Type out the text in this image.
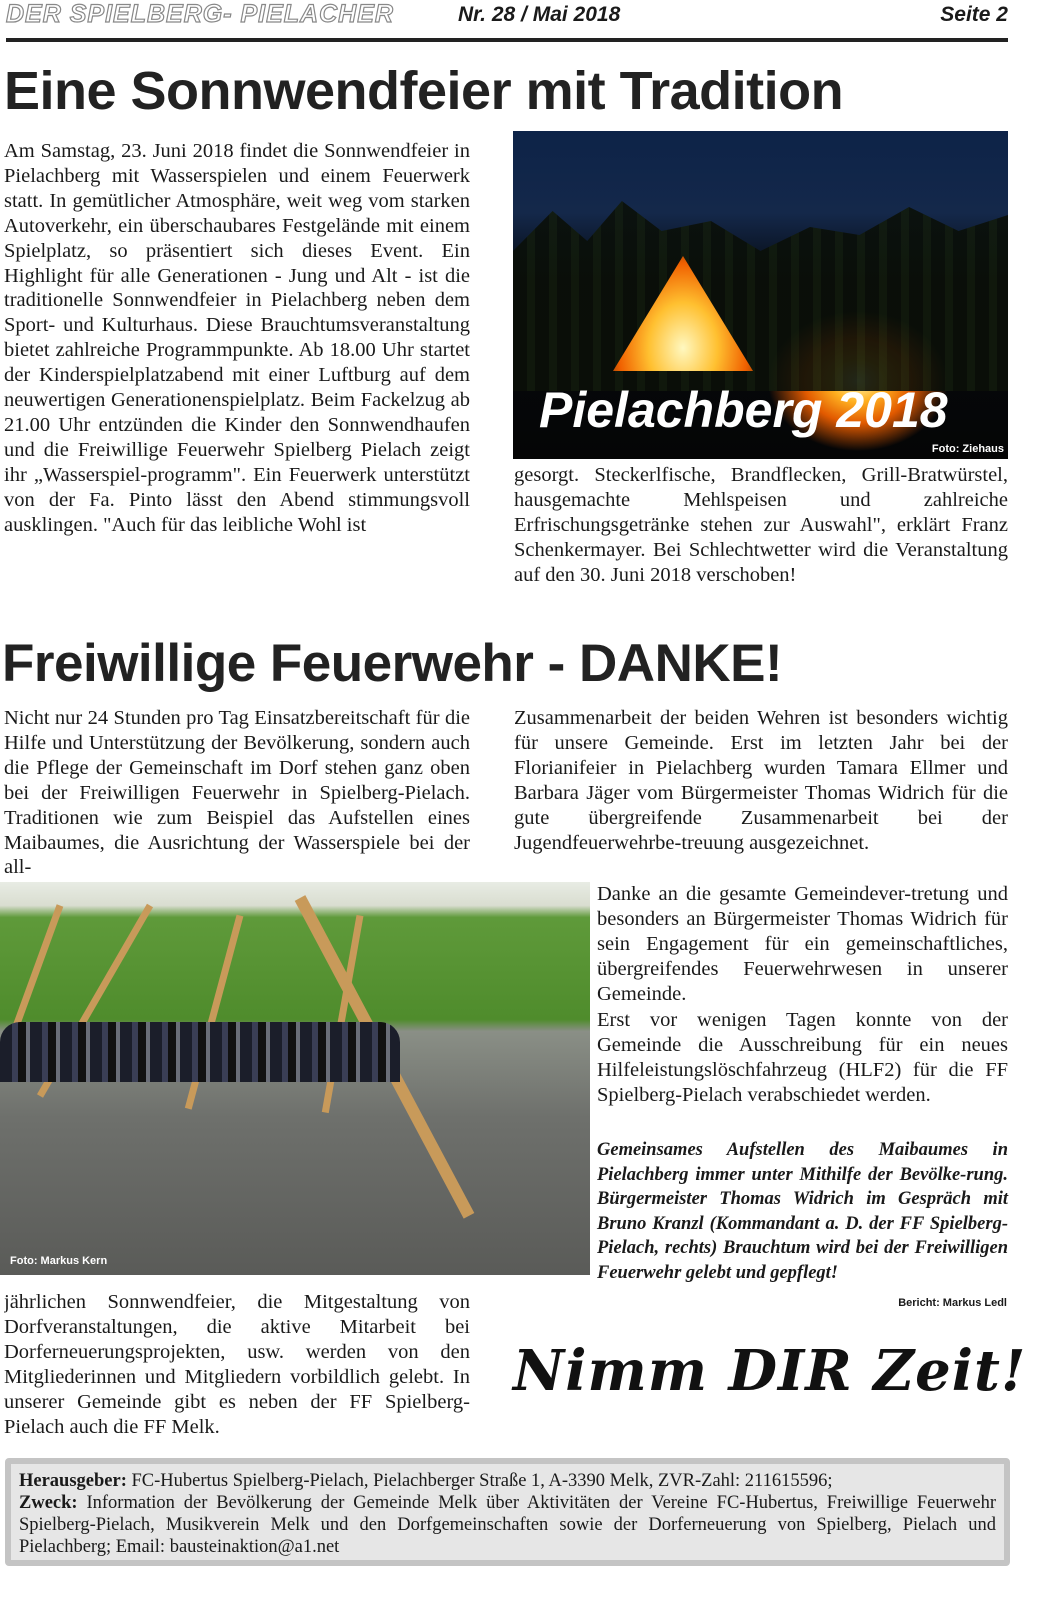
DER SPIELBERG- PIELACHER	Nr. 28 / Mai 2018	Seite 2
Eine Sonnwendfeier mit Tradition
Am Samstag, 23. Juni 2018 findet die Sonnwendfeier in Pielachberg mit Wasserspielen und einem Feuerwerk statt. In gemütlicher Atmosphäre, weit weg vom starken Autoverkehr, ein überschaubares Festgelände mit einem Spielplatz, so präsentiert sich dieses Event. Ein Highlight für alle Generationen - Jung und Alt - ist die traditionelle Sonnwendfeier in Pielachberg neben dem Sport- und Kulturhaus. Diese Brauchtumsveranstaltung bietet zahlreiche Programmpunkte. Ab 18.00 Uhr startet der Kinderspielplatzabend mit einer Luftburg auf dem neuwertigen Generationenspielplatz. Beim Fackelzug ab 21.00 Uhr entzünden die Kinder den Sonnwendhaufen und die Freiwillige Feuerwehr Spielberg Pielach zeigt ihr „Wasserspiel-programm". Ein Feuerwerk unterstützt von der Fa. Pinto lässt den Abend stimmungsvoll ausklingen. "Auch für das leibliche Wohl ist
Pielachberg 2018
Foto: Ziehaus
gesorgt. Steckerlfische, Brandflecken, Grill-Bratwürstel, hausgemachte Mehlspeisen und zahlreiche Erfrischungsgetränke stehen zur Auswahl", erklärt Franz Schenkermayer. Bei Schlechtwetter wird die Veranstaltung auf den 30. Juni 2018 verschoben!
Freiwillige Feuerwehr - DANKE!
Nicht nur 24 Stunden pro Tag Einsatzbereitschaft für die Hilfe und Unterstützung der Bevölkerung, sondern auch die Pflege der Gemeinschaft im Dorf stehen ganz oben bei der Freiwilligen Feuerwehr in Spielberg-Pielach. Traditionen wie zum Beispiel das Aufstellen eines Maibaumes, die Ausrichtung der Wasserspiele bei der all-
Zusammenarbeit der beiden Wehren ist besonders wichtig für unsere Gemeinde. Erst im letzten Jahr bei der Florianifeier in Pielachberg wurden Tamara Ellmer und Barbara Jäger vom Bürgermeister Thomas Widrich für die gute übergreifende Zusammenarbeit bei der Jugendfeuerwehrbe-treuung ausgezeichnet.
Foto: Markus Kern
Danke an die gesamte Gemeindever-tretung und besonders an Bürgermeister Thomas Widrich für sein Engagement für ein gemeinschaftliches, übergreifendes Feuerwehrwesen in unserer Gemeinde.
Erst vor wenigen Tagen konnte von der Gemeinde die Ausschreibung für ein neues Hilfeleistungslöschfahrzeug (HLF2) für die FF Spielberg-Pielach verabschiedet werden.
Gemeinsames Aufstellen des Maibaumes in Pielachberg immer unter Mithilfe der Bevölke-rung. Bürgermeister Thomas Widrich im Gespräch mit Bruno Kranzl (Kommandant a. D. der FF Spielberg-Pielach, rechts) Brauchtum wird bei der Freiwilligen Feuerwehr gelebt und gepflegt!
Bericht: Markus Ledl
jährlichen Sonnwendfeier, die Mitgestaltung von Dorfveranstaltungen, die aktive Mitarbeit bei Dorferneuerungsprojekten, usw. werden von den Mitgliederinnen und Mitgliedern vorbildlich gelebt. In unserer Gemeinde gibt es neben der FF Spielberg-Pielach auch die FF Melk.
Nimm DIR Zeit!
Herausgeber: FC-Hubertus Spielberg-Pielach, Pielachberger Straße 1, A-3390 Melk, ZVR-Zahl: 211615596;
Zweck: Information der Bevölkerung der Gemeinde Melk über Aktivitäten der Vereine FC-Hubertus, Freiwillige Feuerwehr Spielberg-Pielach, Musikverein Melk und den Dorfgemeinschaften sowie der Dorferneuerung von Spielberg, Pielach und Pielachberg; Email: bausteinaktion@a1.net
